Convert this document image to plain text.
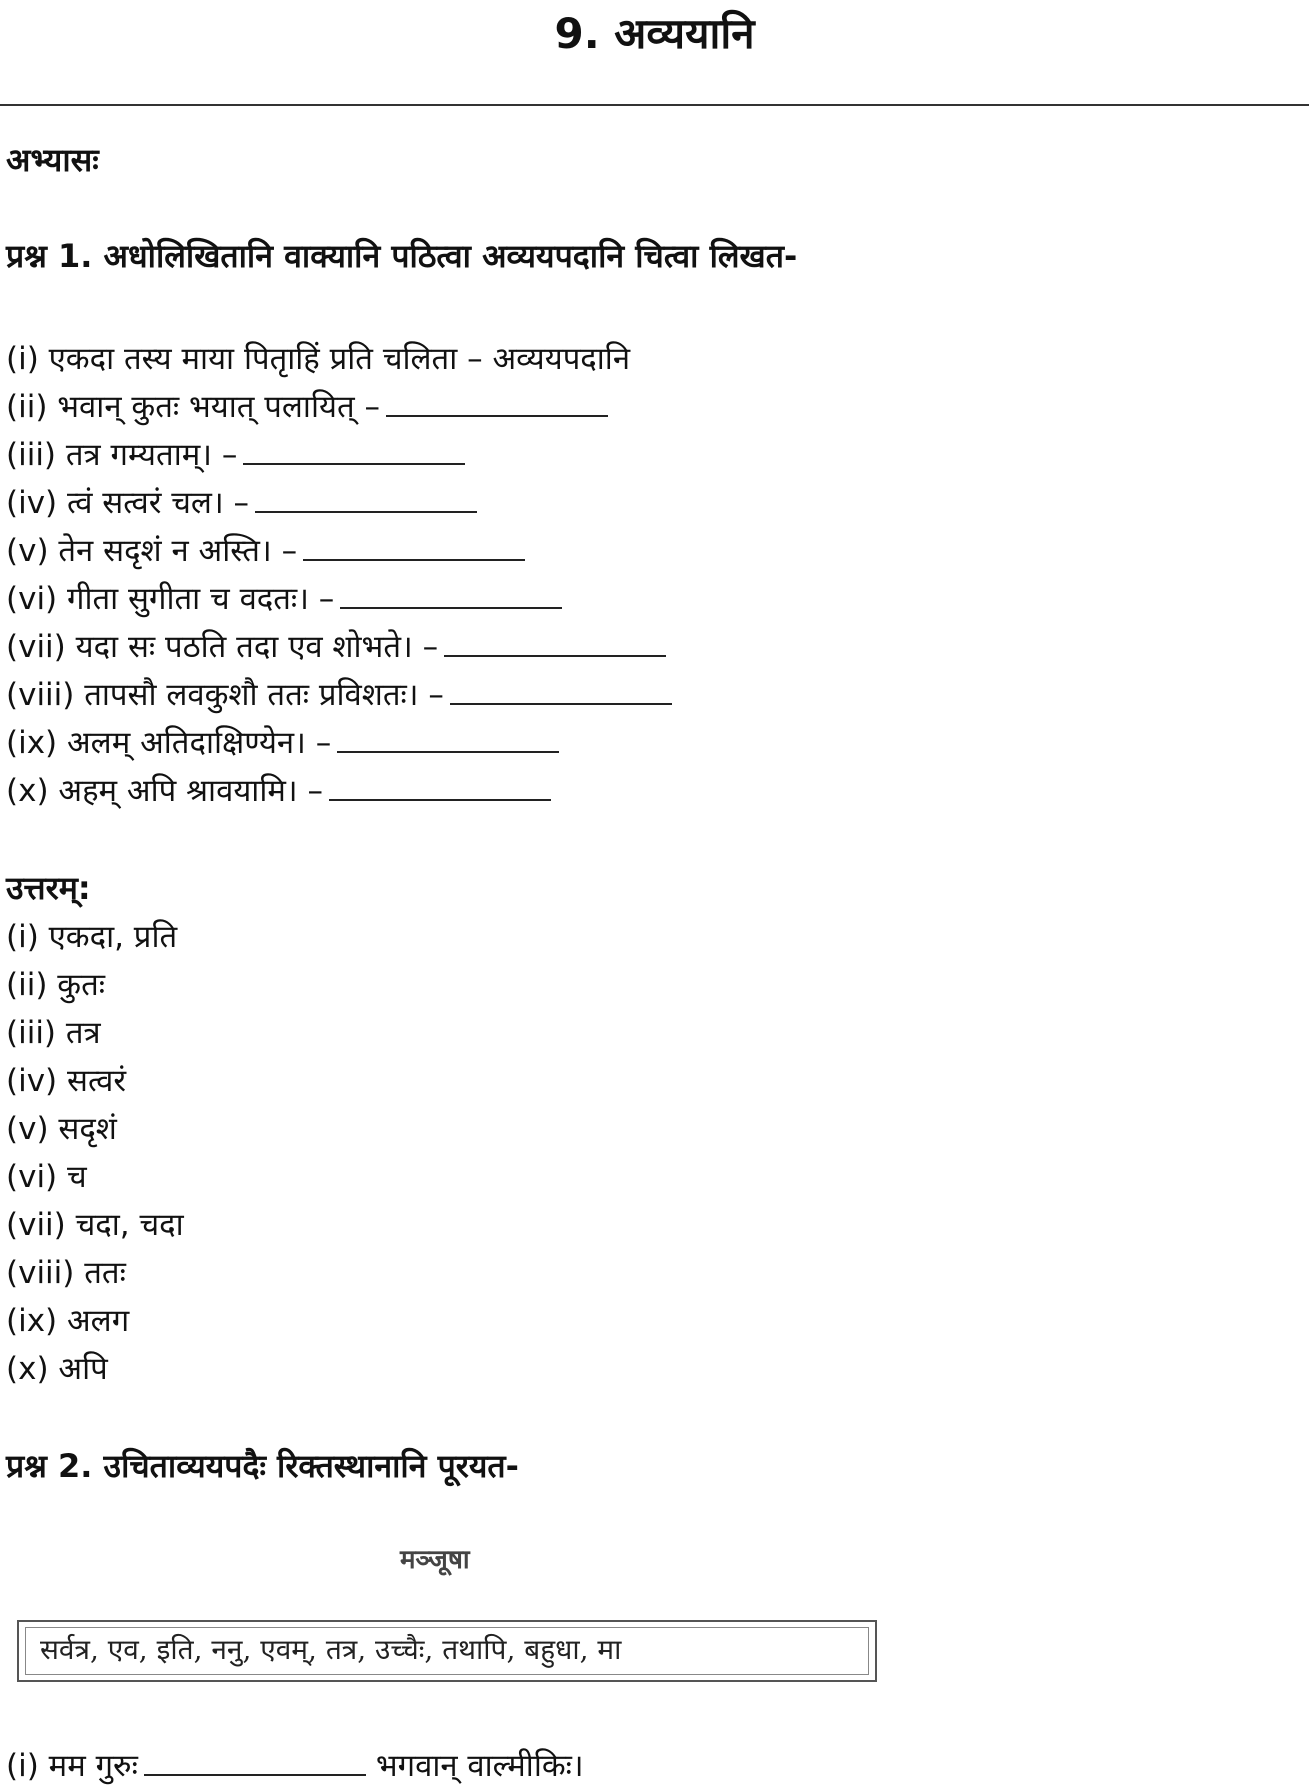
9. अव्ययानि
अभ्यासः
प्रश्न 1. अधोलिखितानि वाक्यानि पठित्वा अव्ययपदानि चित्वा लिखत-
(i) एकदा तस्य माया पितृाहिं प्रति चलिता – अव्ययपदानि
(ii) भवान् कुतः भयात् पलायित् –
(iii) तत्र गम्यताम्। –
(iv) त्वं सत्वरं चल। –
(v) तेन सदृशं न अस्ति। –
(vi) गीता सुगीता च वदतः। –
(vii) यदा सः पठति तदा एव शोभते। –
(viii) तापसौ लवकुशौ ततः प्रविशतः। –
(ix) अलम् अतिदाक्षिण्येन। –
(x) अहम् अपि श्रावयामि। –
उत्तरम्:
(i) एकदा, प्रति
(ii) कुतः
(iii) तत्र
(iv) सत्वरं
(v) सदृशं
(vi) च
(vii) चदा, चदा
(viii) ततः
(ix) अलग
(x) अपि
प्रश्न 2. उचिताव्ययपदैः रिक्तस्थानानि पूरयत-
मञ्जूषा
सर्वत्र, एव, इति, ननु, एवम्, तत्र, उच्चैः, तथापि, बहुधा, मा
(i) मम गुरुः	भगवान् वाल्मीकिः।
